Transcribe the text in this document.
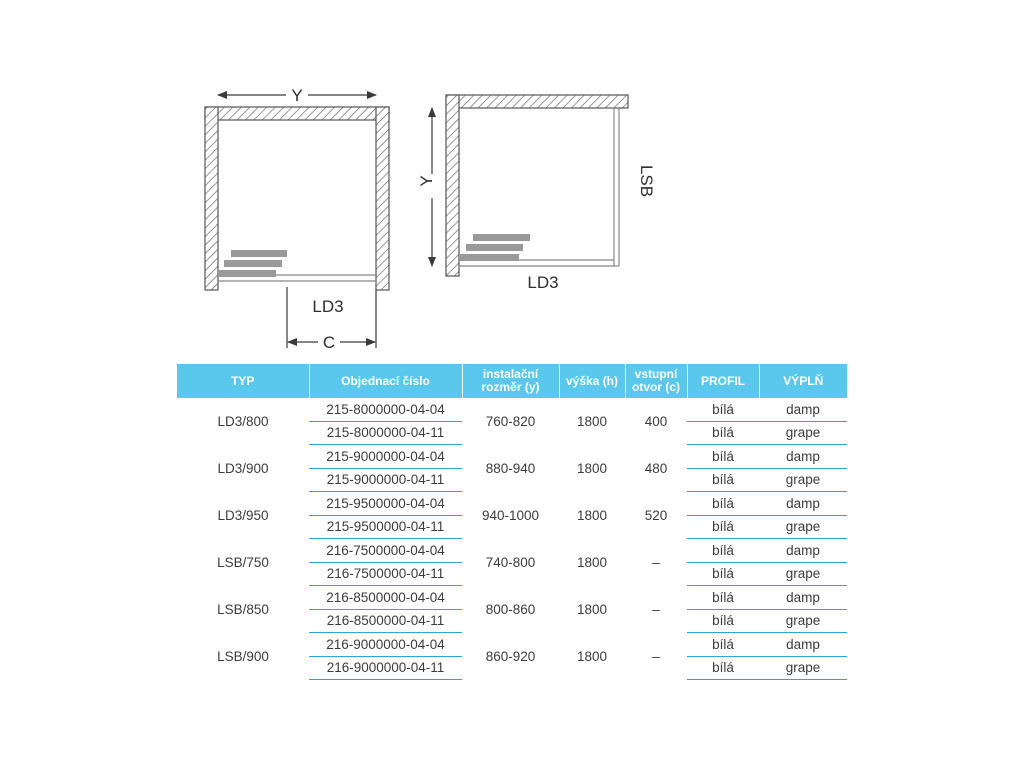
Y
LD3
C
Y	LSB
LD3
TYP	Objednací číslo	instalační rozměr (y)	výška (h)	vstupní otvor (c)	PROFIL	VÝPLŇ
LD3/800	215-8000000-04-04	760-820	1800	400	bílá	damp
	215-8000000-04-11				bílá	grape
LD3/900	215-9000000-04-04	880-940	1800	480	bílá	damp
	215-9000000-04-11				bílá	grape
LD3/950	215-9500000-04-04	940-1000	1800	520	bílá	damp
	215-9500000-04-11				bílá	grape
LSB/750	216-7500000-04-04	740-800	1800	–	bílá	damp
	216-7500000-04-11				bílá	grape
LSB/850	216-8500000-04-04	800-860	1800	–	bílá	damp
	216-8500000-04-11				bílá	grape
LSB/900	216-9000000-04-04	860-920	1800	–	bílá	damp
	216-9000000-04-11				bílá	grape
